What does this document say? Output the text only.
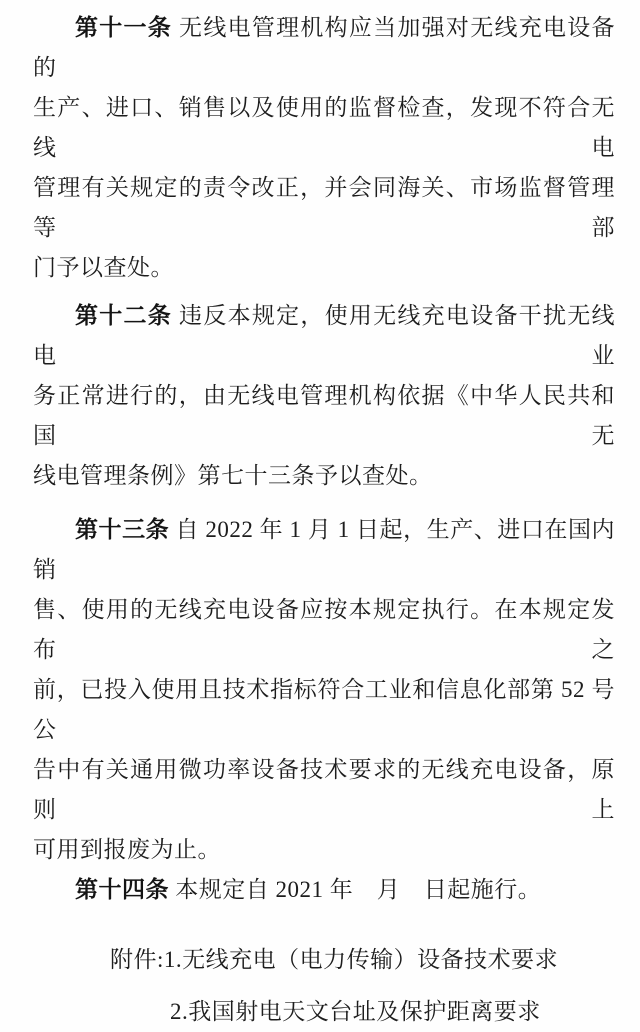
第十一条 无线电管理机构应当加强对无线充电设备的
生产、进口、销售以及使用的监督检查，发现不符合无线电
管理有关规定的责令改正，并会同海关、市场监督管理等部
门予以查处。
第十二条 违反本规定，使用无线充电设备干扰无线电业
务正常进行的，由无线电管理机构依据《中华人民共和国无
线电管理条例》第七十三条予以查处。
第十三条 自 2022 年 1 月 1 日起，生产、进口在国内销
售、使用的无线充电设备应按本规定执行。在本规定发布之
前，已投入使用且技术指标符合工业和信息化部第 52 号公
告中有关通用微功率设备技术要求的无线充电设备，原则上
可用到报废为止。
第十四条 本规定自 2021 年　月　日起施行。
附件:1.无线充电（电力传输）设备技术要求
2.我国射电天文台址及保护距离要求
